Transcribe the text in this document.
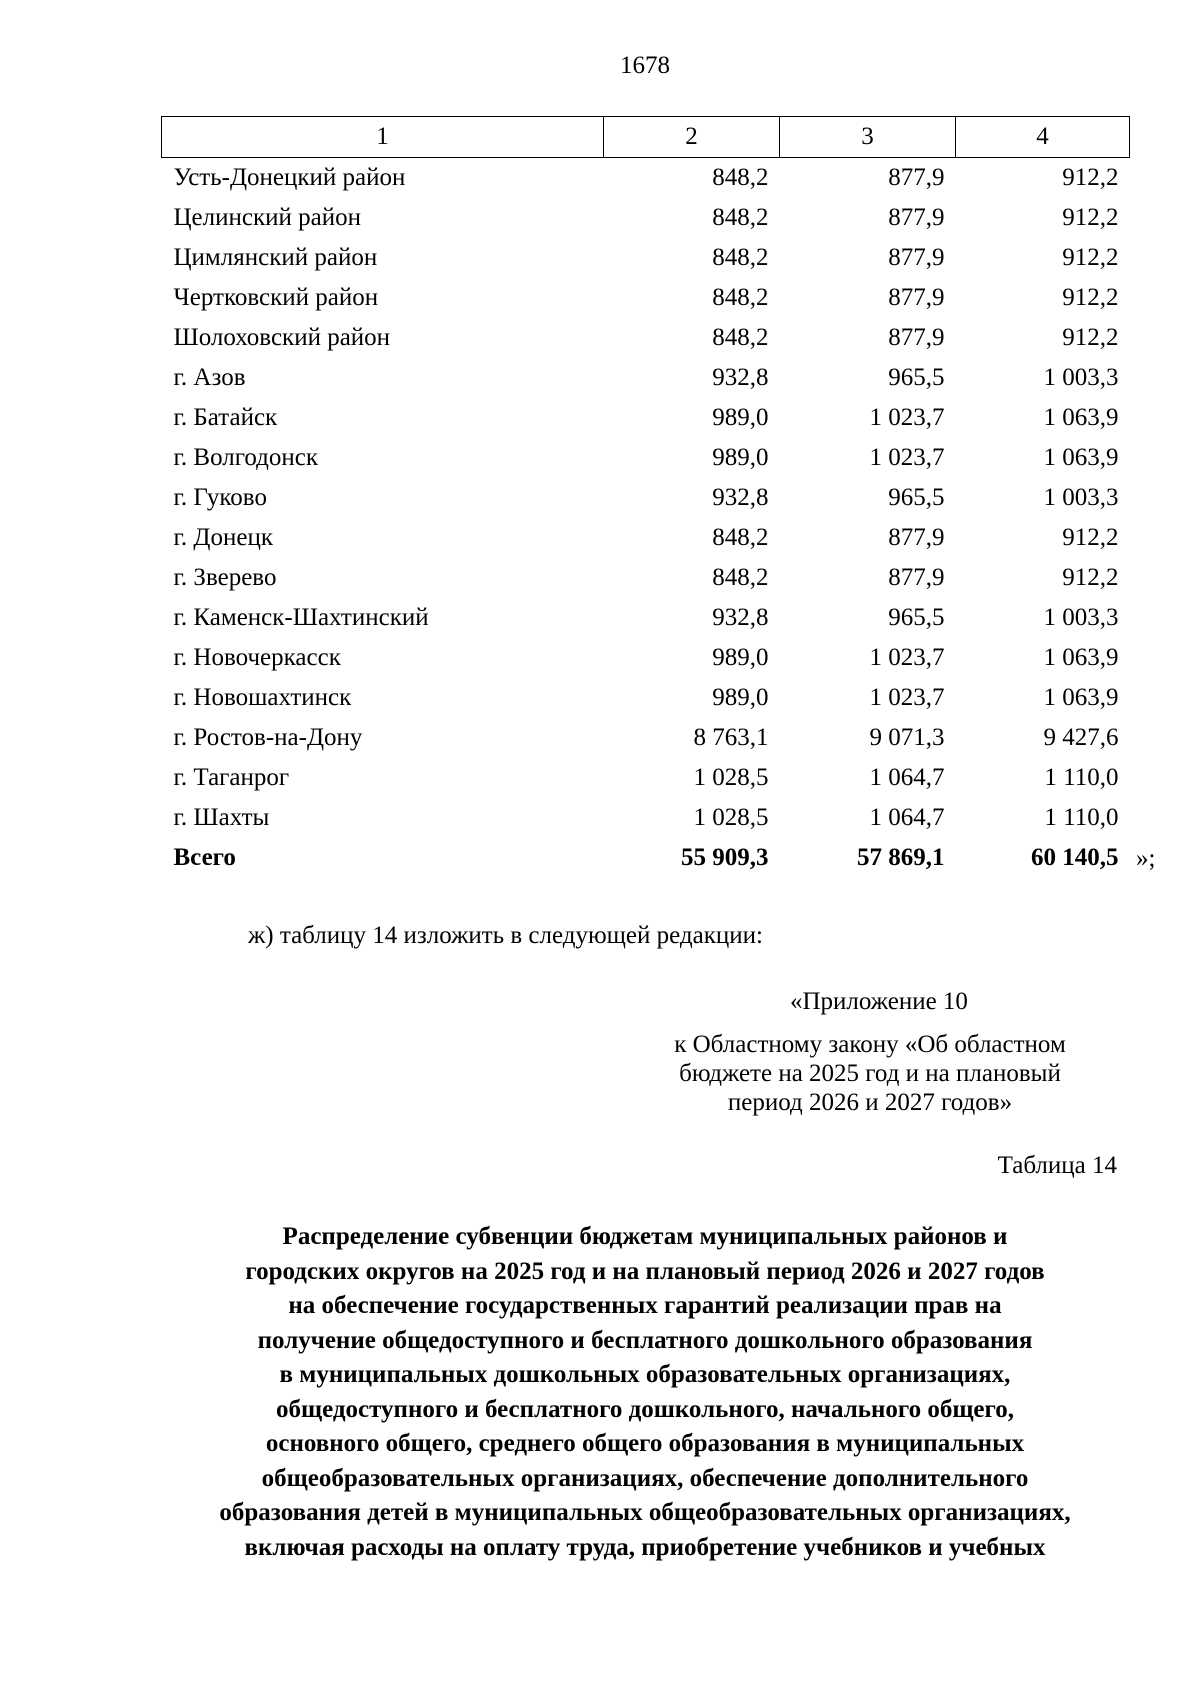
1678
1	2	3	4
Усть-Донецкий район	848,2	877,9	912,2
Целинский район	848,2	877,9	912,2
Цимлянский район	848,2	877,9	912,2
Чертковский район	848,2	877,9	912,2
Шолоховский район	848,2	877,9	912,2
г. Азов	932,8	965,5	1 003,3
г. Батайск	989,0	1 023,7	1 063,9
г. Волгодонск	989,0	1 023,7	1 063,9
г. Гуково	932,8	965,5	1 003,3
г. Донецк	848,2	877,9	912,2
г. Зверево	848,2	877,9	912,2
г. Каменск-Шахтинский	932,8	965,5	1 003,3
г. Новочеркасск	989,0	1 023,7	1 063,9
г. Новошахтинск	989,0	1 023,7	1 063,9
г. Ростов-на-Дону	8 763,1	9 071,3	9 427,6
г. Таганрог	1 028,5	1 064,7	1 110,0
г. Шахты	1 028,5	1 064,7	1 110,0
Всего	55 909,3	57 869,1	60 140,5 »;
ж) таблицу 14 изложить в следующей редакции:
«Приложение 10
к Областному закону «Об областном
бюджете на 2025 год и на плановый
период 2026 и 2027 годов»
Таблица 14
Распределение субвенции бюджетам муниципальных районов и
городских округов на 2025 год и на плановый период 2026 и 2027 годов
на обеспечение государственных гарантий реализации прав на
получение общедоступного и бесплатного дошкольного образования
в муниципальных дошкольных образовательных организациях,
общедоступного и бесплатного дошкольного, начального общего,
основного общего, среднего общего образования в муниципальных
общеобразовательных организациях, обеспечение дополнительного
образования детей в муниципальных общеобразовательных организациях,
включая расходы на оплату труда, приобретение учебников и учебных
